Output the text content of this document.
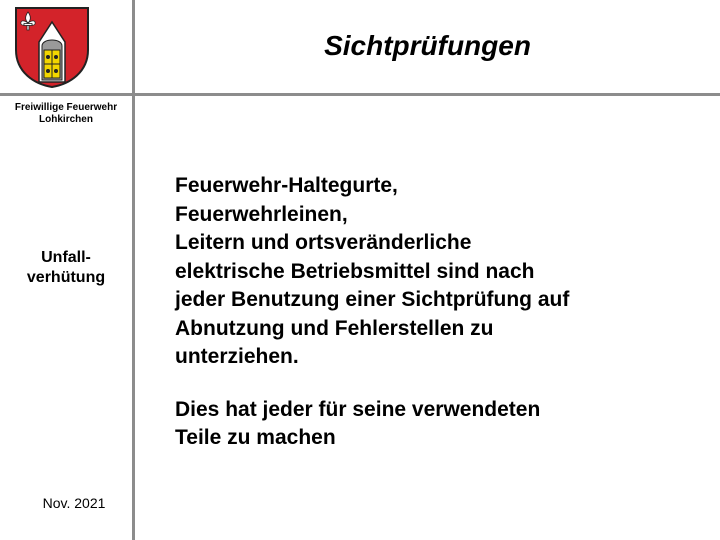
Sichtprüfungen
Freiwillige Feuerwehr
Lohkirchen
Unfall-
verhütung
Nov. 2021
Feuerwehr-Haltegurte,
Feuerwehrleinen,
Leitern und ortsveränderliche
elektrische Betriebsmittel sind nach
jeder Benutzung einer Sichtprüfung auf
Abnutzung und Fehlerstellen zu
unterziehen.
Dies hat jeder für seine verwendeten
Teile zu machen
